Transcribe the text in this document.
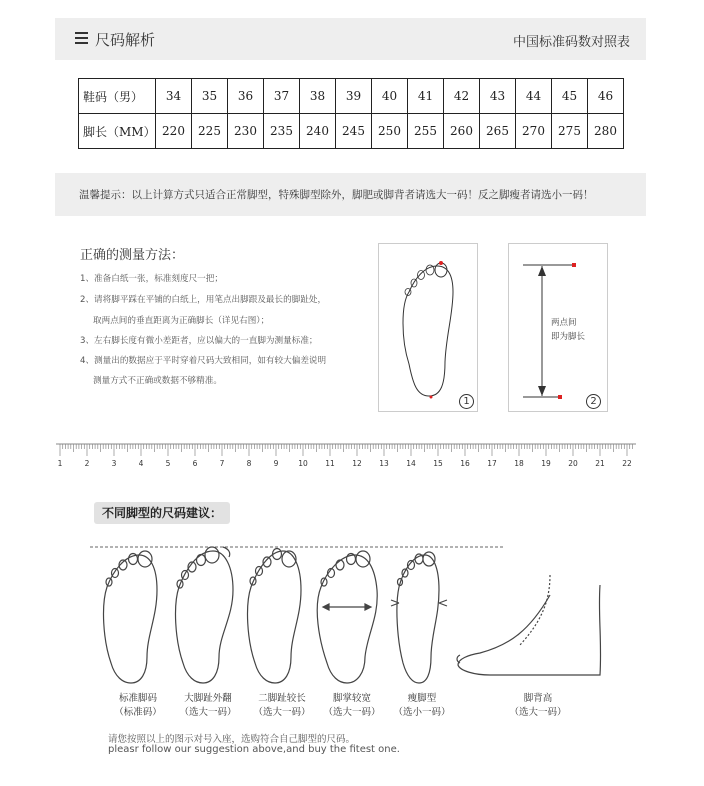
尺码解析	中国标准码数对照表
鞋码（男）	34	35	36	37	38	39	40	41	42	43	44	45	46
脚长（MM）	220	225	230	235	240	245	250	255	260	265	270	275	280
温馨提示：以上计算方式只适合正常脚型，特殊脚型除外，脚肥或脚背者请选大一码！反之脚瘦者请选小一码！
正确的测量方法：
1、准备白纸一张，标准刻度尺一把；
2、请将脚平踩在平铺的白纸上，用笔点出脚跟及最长的脚趾处，
取两点间的垂直距离为正确脚长（详见右图）；
3、左右脚长度有微小差距者，应以偏大的一直脚为测量标准；
4、测量出的数据应于平时穿着尺码大致相同，如有较大偏差说明
测量方式不正确或数据不够精准。
1
两点间
即为脚长
2
1	2	3	4	5	6	7	8	9	10 11 12 13 14 15 16 17 18 19 20 21 22
不同脚型的尺码建议：
标准脚码
（标准码）
大脚趾外翻
（选大一码）
二脚趾较长
（选大一码）
脚掌较宽
（选大一码）
瘦脚型
（选小一码）
脚背高
（选大一码）
请您按照以上的图示对号入座，选购符合自己脚型的尺码。
pleasr follow our suggestion above,and buy the fitest one.
